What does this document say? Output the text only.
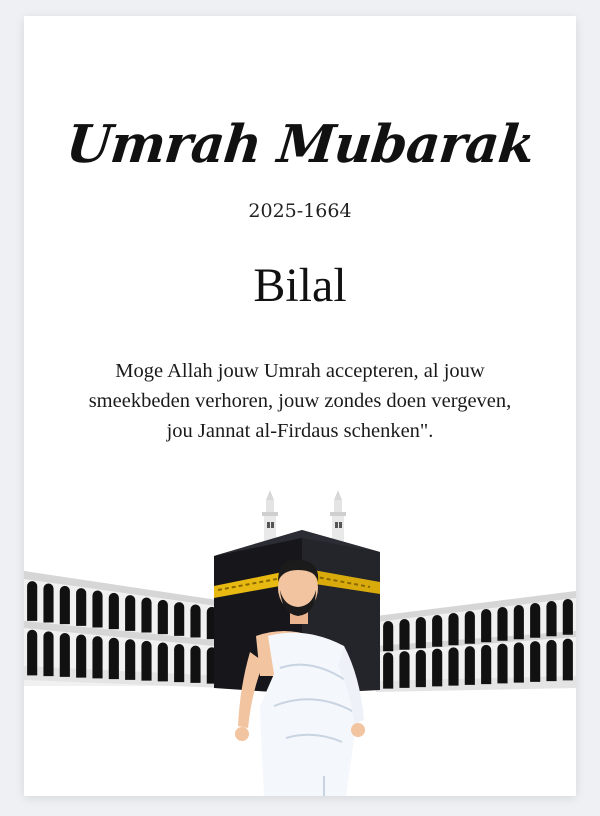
Umrah Mubarak
2025-1664
Bilal
Moge Allah jouw Umrah accepteren, al jouw smeekbeden verhoren, jouw zondes doen vergeven, jou Jannat al-Firdaus schenken".
